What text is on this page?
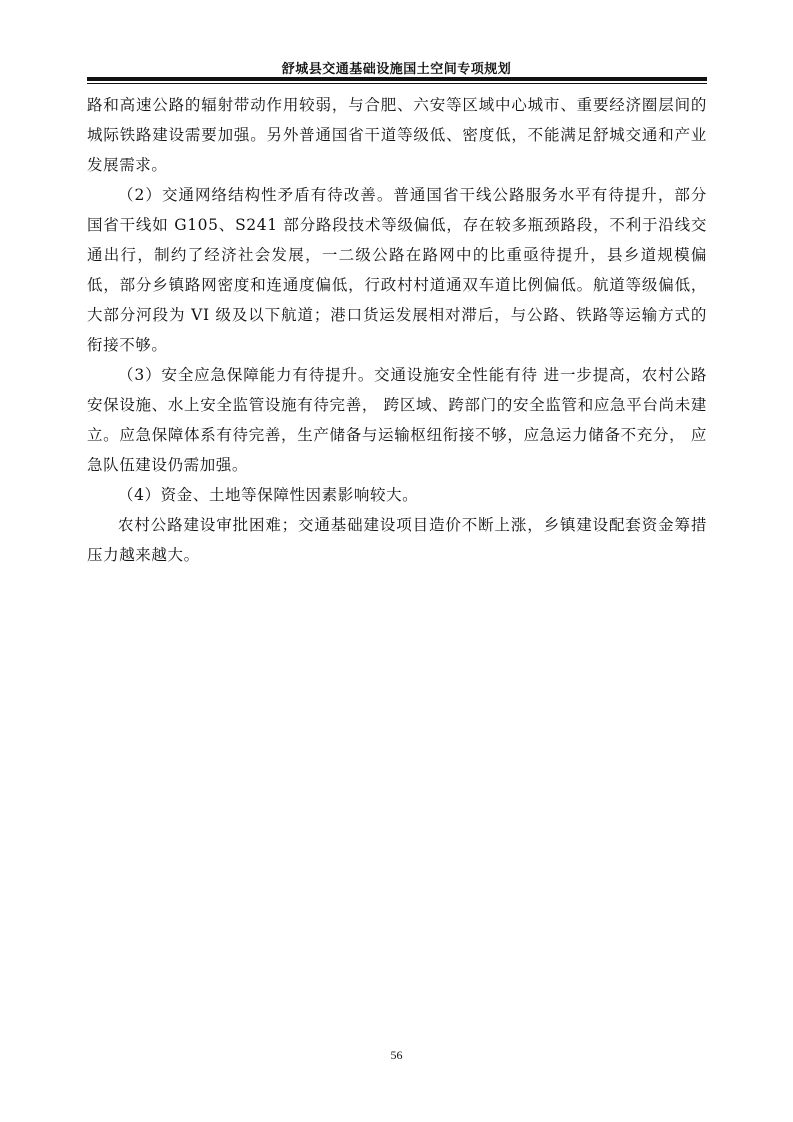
舒城县交通基础设施国土空间专项规划

路和高速公路的辐射带动作用较弱，与合肥、六安等区域中心城市、重要经济圈层间的城际铁路建设需要加强。另外普通国省干道等级低、密度低，不能满足舒城交通和产业发展需求。

（2）交通网络结构性矛盾有待改善。普通国省干线公路服务水平有待提升，部分国省干线如 G105、S241 部分路段技术等级偏低，存在较多瓶颈路段，不利于沿线交通出行，制约了经济社会发展，一二级公路在路网中的比重亟待提升，县乡道规模偏低，部分乡镇路网密度和连通度偏低，行政村村道通双车道比例偏低。航道等级偏低，大部分河段为 VI 级及以下航道；港口货运发展相对滞后，与公路、铁路等运输方式的衔接不够。

（3）安全应急保障能力有待提升。交通设施安全性能有待 进一步提高，农村公路安保设施、水上安全监管设施有待完善， 跨区域、跨部门的安全监管和应急平台尚未建立。应急保障体系有待完善，生产储备与运输枢纽衔接不够，应急运力储备不充分， 应急队伍建设仍需加强。

（4）资金、土地等保障性因素影响较大。

农村公路建设审批困难；交通基础建设项目造价不断上涨，乡镇建设配套资金筹措压力越来越大。

56
